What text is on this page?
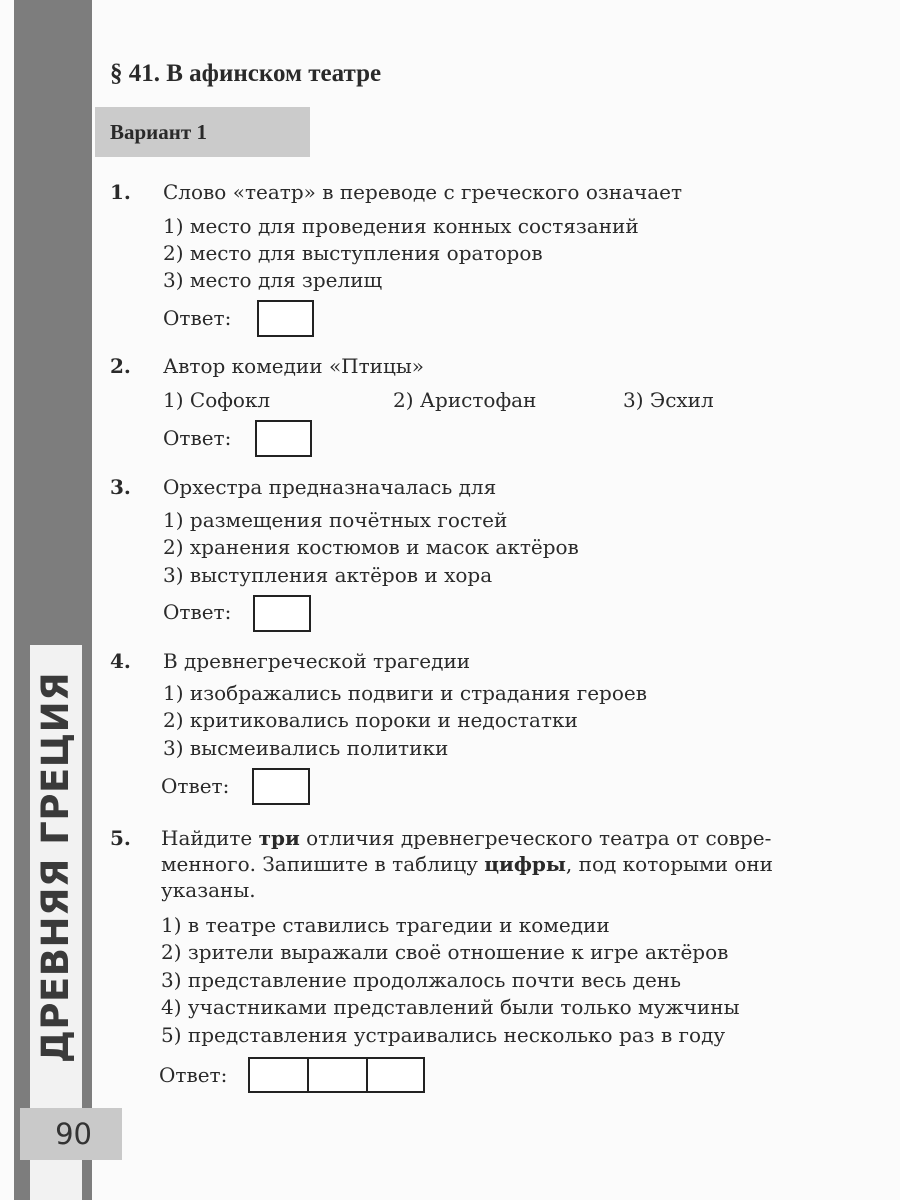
ДРЕВНЯЯ ГРЕЦИЯ
90
§ 41. В афинском театре
Вариант 1
1. Слово «театр» в переводе с греческого означает
1) место для проведения конных состязаний
2) место для выступления ораторов
3) место для зрелищ
Ответ:
2. Автор комедии «Птицы»
1) Софокл	2) Аристофан	3) Эсхил
Ответ:
3. Орхестра предназначалась для
1) размещения почётных гостей
2) хранения костюмов и масок актёров
3) выступления актёров и хора
Ответ:
4. В древнегреческой трагедии
1) изображались подвиги и страдания героев
2) критиковались пороки и недостатки
3) высмеивались политики
Ответ:
5. Найдите три отличия древнегреческого театра от совре-
менного. Запишите в таблицу цифры, под которыми они
указаны.
1) в театре ставились трагедии и комедии
2) зрители выражали своё отношение к игре актёров
3) представление продолжалось почти весь день
4) участниками представлений были только мужчины
5) представления устраивались несколько раз в году
Ответ:
